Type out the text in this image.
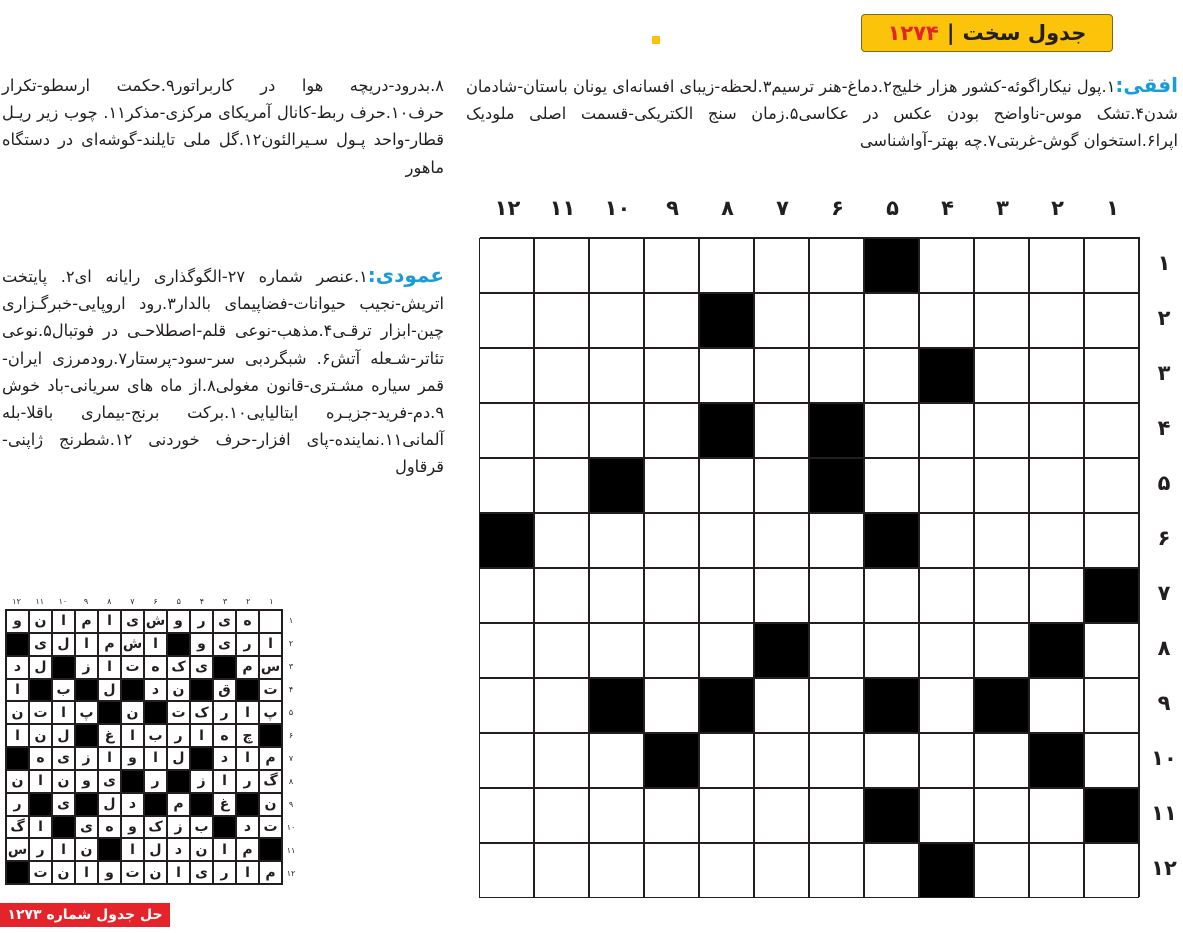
جدول سخت
|
۱۲۷۴

افقی:۱.پول نیکاراگوئه-کشور هزار خلیج۲.دماغ-هنر ترسیم۳.لحظه-زیبای افسانه‌ای یونان باستان-شادمان شدن۴.تشک موس-ناواضح بودن عکس در عکاسی۵.زمان سنج الکتریکی-قسمت اصلی ملودیک اپرا۶.استخوان گوش-غربتی۷.چه بهتر-آواشناسی

۸.بدرود-دریچه هوا در کاربراتور۹.حکمت ارسطو-تکرار حرف۱۰.حرف ربط-کانال آمریکای مرکزی-مذکر۱۱. چوب زیر ریـل قطار-واحد پـول سـیرالئون۱۲.گل ملی تایلند-گوشه‌ای در دستگاه ماهور

عمودی:۱.عنصر شماره ۲۷-الگوگذاری رایانه ای۲. پایتخت اتریش-نجیب حیوانات-فضاپیمای بالدار۳.رود اروپایی-خبرگـزاری چین-ابزار ترقـی۴.مذهب-نوعی قلم-اصطلاحـی در فوتبال۵.نوعی تئاتر-شـعله آتش۶. شبگردبی سر-سود-پرستار۷.رودمرزی ایران-قمر سیاره مشـتری-قانون مغولی۸.از ماه های سریانی-باد خوش ۹.دم-فرید-جزیـره ایتالیایی۱۰.برکت برنج-بیماری باقلا-بله آلمانی۱۱.نماینده-پای افزار-حرف خوردنی ۱۲.شطرنج ژاپنی-قرقاول

۱
۲
۳
۴
۵
۶
۷
۸
۹
۱۰
۱۱
۱۲
۱
۲
۳
۴
۵
۶
۷
۸
۹
۱۰
۱۱
۱۲
۱
۲
۳
۴
۵
۶
۷
۸
۹
۱۰
۱۱
۱۲
۱
۲
۳
۴
۵
۶
۷
۸
۹
۱۰
۱۱
۱۲
ه
ی
ر
و
ش
ی
ا
م
ا
ن
و
ا
ر
ی
و
ا
ش
م
ا
ل
ی
س
م
ی
ک
ه
ت
ا
ز
ل
د
ت
ق
ن
د
ل
ب
ا
پ
ا
ر
ک
ت
ن
پ
ا
ت
ن
چ
ه
ا
ر
ب
ا
غ
ل
ن
ا
م
ا
د
ل
ا
و
ا
ز
ی
ه
گ
ر
ا
ز
ر
ی
و
ن
ا
ن
ن
غ
م
د
ل
ی
ر
ت
د
ب
ز
ک
و
ه
ی
ا
گ
م
ا
ن
د
ل
ا
ن
ا
ر
س
م
ا
ر
ی
ا
ن
ت
و
ا
ن
ت
حل جدول شماره ۱۲۷۳
